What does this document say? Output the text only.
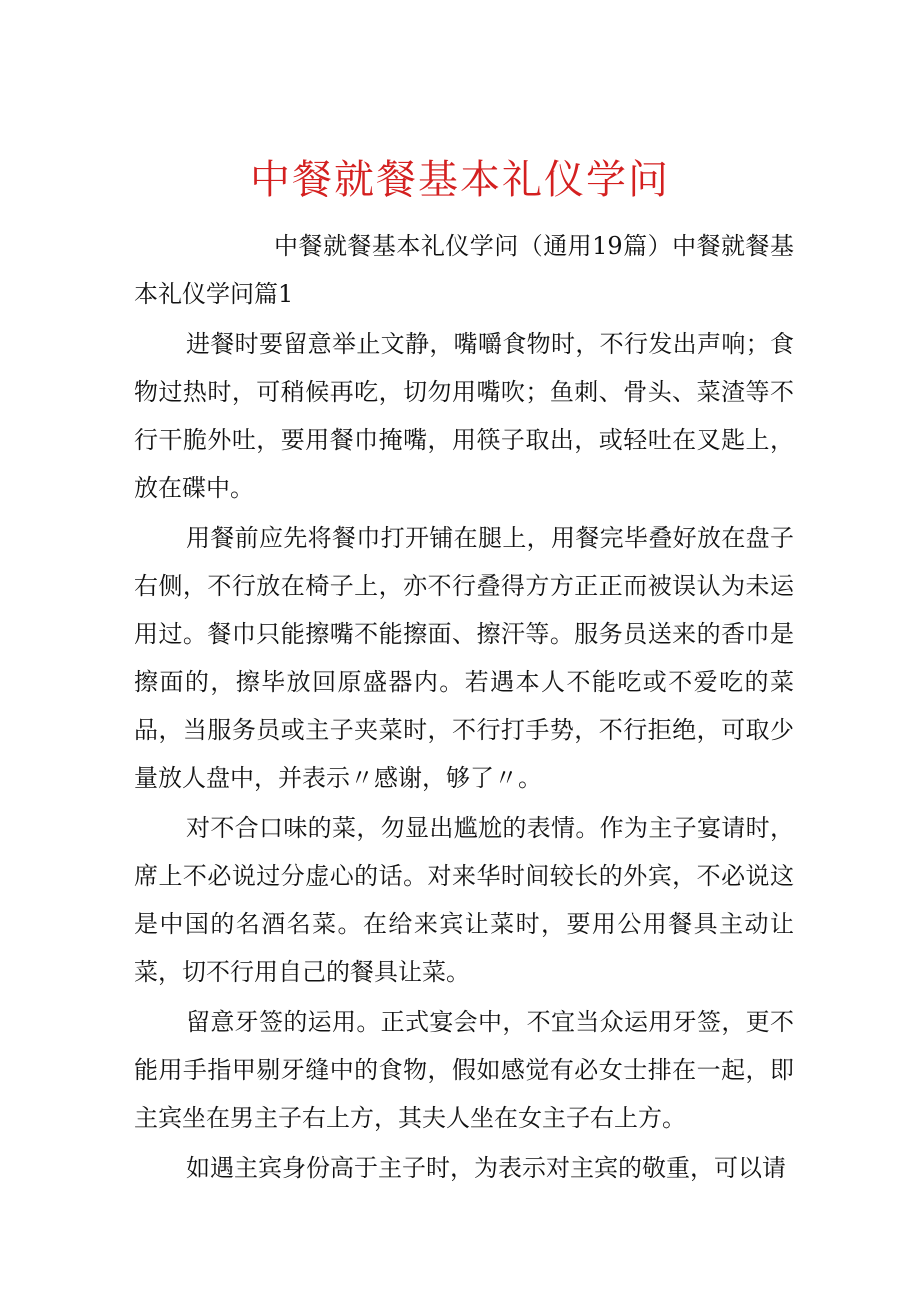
中餐就餐基本礼仪学问

中餐就餐基本礼仪学问（通用19篇）中餐就餐基本礼仪学问篇1

进餐时要留意举止文静，嘴嚼食物时，不行发出声响；食物过热时，可稍候再吃，切勿用嘴吹；鱼刺、骨头、菜渣等不行干脆外吐，要用餐巾掩嘴，用筷子取出，或轻吐在叉匙上，放在碟中。

用餐前应先将餐巾打开铺在腿上，用餐完毕叠好放在盘子右侧，不行放在椅子上，亦不行叠得方方正正而被误认为未运用过。餐巾只能擦嘴不能擦面、擦汗等。服务员送来的香巾是擦面的，擦毕放回原盛器内。若遇本人不能吃或不爱吃的菜品，当服务员或主子夹菜时，不行打手势，不行拒绝，可取少量放人盘中，并表示〃感谢，够了〃。

对不合口味的菜，勿显出尴尬的表情。作为主子宴请时，席上不必说过分虚心的话。对来华时间较长的外宾，不必说这是中国的名酒名菜。在给来宾让菜时，要用公用餐具主动让菜，切不行用自己的餐具让菜。

留意牙签的运用。正式宴会中，不宜当众运用牙签，更不能用手指甲剔牙缝中的食物，假如感觉有必女士排在一起，即主宾坐在男主子右上方，其夫人坐在女主子右上方。

如遇主宾身份高于主子时，为表示对主宾的敬重，可以请
